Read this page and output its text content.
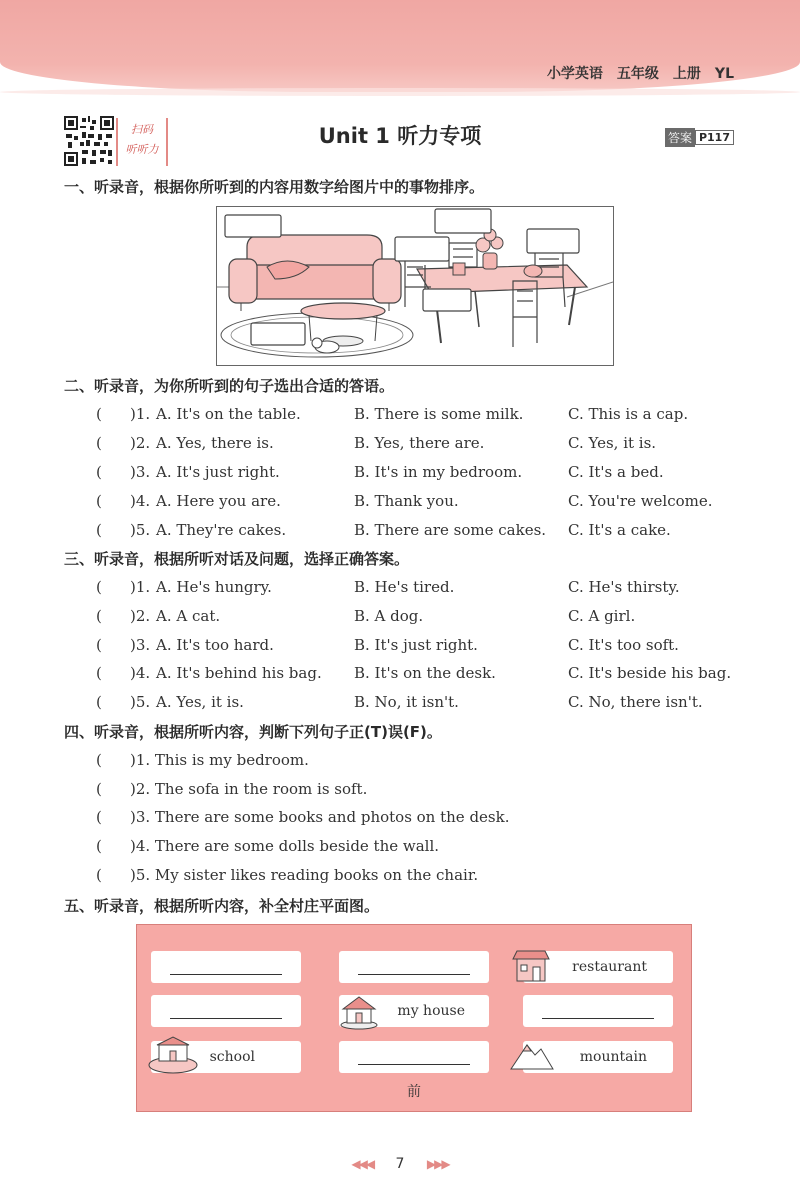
小学英语　五年级　上册　YL
扫码
听听力
Unit 1 听力专项	答案 P117
一、听录音，根据你所听到的内容用数字给图片中的事物排序。
二、听录音，为你所听到的句子选出合适的答语。
( )1. A. It's on the table.	B. There is some milk.	C. This is a cap.
( )2. A. Yes, there is.	B. Yes, there are.	C. Yes, it is.
( )3. A. It's just right.	B. It's in my bedroom.	C. It's a bed.
( )4. A. Here you are.	B. Thank you.	C. You're welcome.
( )5. A. They're cakes.	B. There are some cakes. C. It's a cake.
三、听录音，根据所听对话及问题，选择正确答案。
( )1. A. He's hungry.	B. He's tired.	C. He's thirsty.
( )2. A. A cat.	B. A dog.	C. A girl.
( )3. A. It's too hard.	B. It's just right.	C. It's too soft.
( )4. A. It's behind his bag. B. It's on the desk.	C. It's beside his bag.
( )5. A. Yes, it is.	B. No, it isn't.	C. No, there isn't.
四、听录音，根据所听内容，判断下列句子正(T)误(F)。
( )1. This is my bedroom.
( )2. The sofa in the room is soft.
( )3. There are some books and photos on the desk.
( )4. There are some dolls beside the wall.
( )5. My sister likes reading books on the chair.
五、听录音，根据所听内容，补全村庄平面图。
restaurant
my house
school	mountain
前
◀◀◀ 7 ▶▶▶
